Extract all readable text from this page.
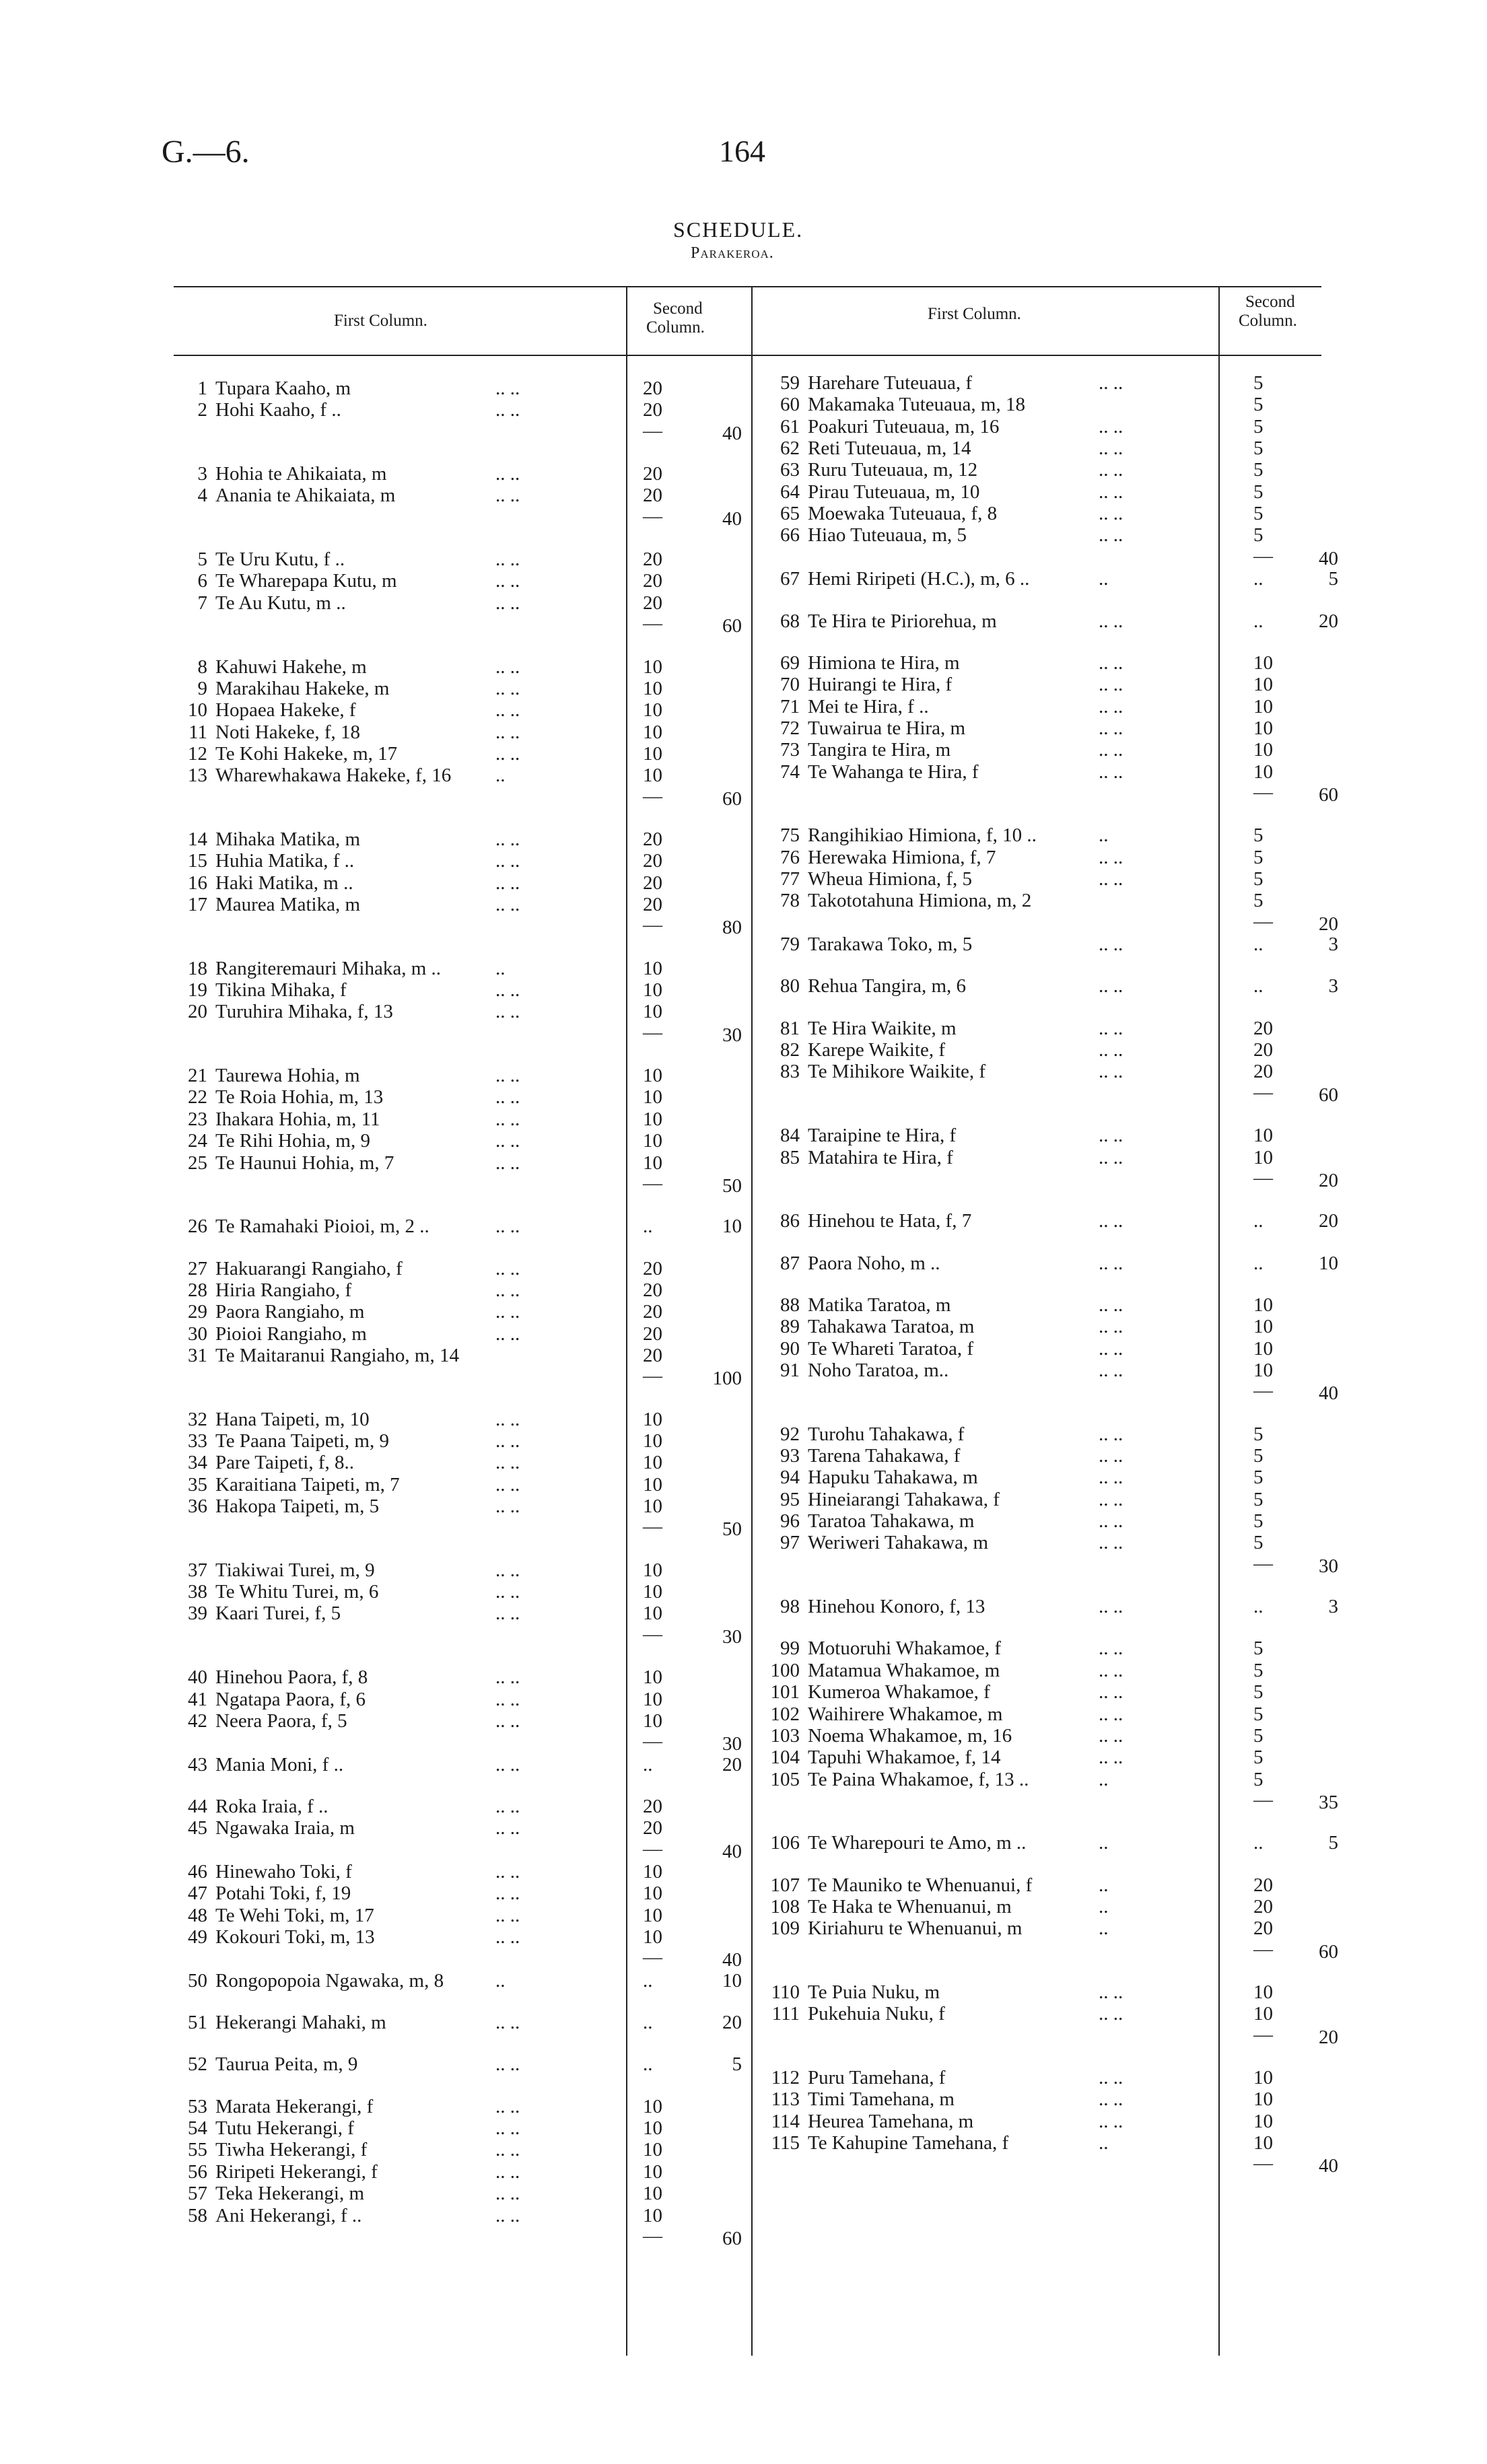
G.—6.	164
SCHEDULE.
Parakeroa.
First Column.
Second
Column.
First Column.
Second
Column.
1 Tupara Kaaho, m	.. ..	20
2 Hohi Kaaho, f ..	.. ..	20
—	40
3 Hohia te Ahikaiata, m	.. ..	20
4 Anania te Ahikaiata, m	.. ..	20
—	40
5 Te Uru Kutu, f ..	.. ..	20
6 Te Wharepapa Kutu, m	.. ..	20
7 Te Au Kutu, m ..	.. ..	20
—	60
8 Kahuwi Hakehe, m	.. ..	10
9 Marakihau Hakeke, m	.. ..	10
10 Hopaea Hakeke, f	.. ..	10
11 Noti Hakeke, f, 18	.. ..	10
12 Te Kohi Hakeke, m, 17	.. ..	10
13 Wharewhakawa Hakeke, f, 16 ..	10
—	60
14 Mihaka Matika, m	.. ..	20
15 Huhia Matika, f ..	.. ..	20
16 Haki Matika, m ..	.. ..	20
17 Maurea Matika, m	.. ..	20
—	80
18 Rangiteremauri Mihaka, m ..	..	10
19 Tikina Mihaka, f	.. ..	10
20 Turuhira Mihaka, f, 13	.. ..	10
—	30
21 Taurewa Hohia, m	.. ..	10
22 Te Roia Hohia, m, 13	.. ..	10
23 Ihakara Hohia, m, 11	.. ..	10
24 Te Rihi Hohia, m, 9	.. ..	10
25 Te Haunui Hohia, m, 7	.. ..	10
—	50
26 Te Ramahaki Pioioi, m, 2 ..	.. ..	..	10
27 Hakuarangi Rangiaho, f	.. ..	20
28 Hiria Rangiaho, f	.. ..	20
29 Paora Rangiaho, m	.. ..	20
30 Pioioi Rangiaho, m	.. ..	20
31 Te Maitaranui Rangiaho, m, 14	20
—	100
32 Hana Taipeti, m, 10	.. ..	10
33 Te Paana Taipeti, m, 9	.. ..	10
34 Pare Taipeti, f, 8..	.. ..	10
35 Karaitiana Taipeti, m, 7	.. ..	10
36 Hakopa Taipeti, m, 5	.. ..	10
—	50
37 Tiakiwai Turei, m, 9	.. ..	10
38 Te Whitu Turei, m, 6	.. ..	10
39 Kaari Turei, f, 5	.. ..	10
—	30
40 Hinehou Paora, f, 8	.. ..	10
41 Ngatapa Paora, f, 6	.. ..	10
42 Neera Paora, f, 5	.. ..	10
—	30
43 Mania Moni, f ..	.. ..	..	20
44 Roka Iraia, f ..	.. ..	20
45 Ngawaka Iraia, m	.. ..	20
—	40
46 Hinewaho Toki, f	.. ..	10
47 Potahi Toki, f, 19	.. ..	10
48 Te Wehi Toki, m, 17	.. ..	10
49 Kokouri Toki, m, 13	.. ..	10
—	40
50 Rongopopoia Ngawaka, m, 8	..	..	10
51 Hekerangi Mahaki, m	.. ..	..	20
52 Taurua Peita, m, 9	.. ..	..	5
53 Marata Hekerangi, f	.. ..	10
54 Tutu Hekerangi, f	.. ..	10
55 Tiwha Hekerangi, f	.. ..	10
56 Riripeti Hekerangi, f	.. ..	10
57 Teka Hekerangi, m	.. ..	10
58 Ani Hekerangi, f ..	.. ..	10
—	60
59 Harehare Tuteuaua, f	.. ..	5
60 Makamaka Tuteuaua, m, 18	5
61 Poakuri Tuteuaua, m, 16	.. ..	5
62 Reti Tuteuaua, m, 14	.. ..	5
63 Ruru Tuteuaua, m, 12	.. ..	5
64 Pirau Tuteuaua, m, 10	.. ..	5
65 Moewaka Tuteuaua, f, 8	.. ..	5
66 Hiao Tuteuaua, m, 5	.. ..	5
— 40
67 Hemi Riripeti (H.C.), m, 6 ..	..	..	5
68 Te Hira te Piriorehua, m	.. ..	..	20
69 Himiona te Hira, m	.. ..	10
70 Huirangi te Hira, f	.. ..	10
71 Mei te Hira, f ..	.. ..	10
72 Tuwairua te Hira, m	.. ..	10
73 Tangira te Hira, m	.. ..	10
74 Te Wahanga te Hira, f	.. ..	10
— 60
75 Rangihikiao Himiona, f, 10 ..	..	5
76 Herewaka Himiona, f, 7	.. ..	5
77 Wheua Himiona, f, 5	.. ..	5
78 Takototahuna Himiona, m, 2	5
— 20
79 Tarakawa Toko, m, 5	.. ..	..	3
80 Rehua Tangira, m, 6	.. ..	..	3
81 Te Hira Waikite, m	.. ..	20
82 Karepe Waikite, f	.. ..	20
83 Te Mihikore Waikite, f	.. ..	20
— 60
84 Taraipine te Hira, f	.. ..	10
85 Matahira te Hira, f	.. ..	10
— 20
86 Hinehou te Hata, f, 7	.. ..	..	20
87 Paora Noho, m ..	.. ..	..	10
88 Matika Taratoa, m	.. ..	10
89 Tahakawa Taratoa, m	.. ..	10
90 Te Whareti Taratoa, f	.. ..	10
91 Noho Taratoa, m..	.. ..	10
— 40
92 Turohu Tahakawa, f	.. ..	5
93 Tarena Tahakawa, f	.. ..	5
94 Hapuku Tahakawa, m	.. ..	5
95 Hineiarangi Tahakawa, f	.. ..	5
96 Taratoa Tahakawa, m	.. ..	5
97 Weriweri Tahakawa, m	.. ..	5
— 30
98 Hinehou Konoro, f, 13	.. ..	..	3
99 Motuoruhi Whakamoe, f	.. ..	5
100 Matamua Whakamoe, m	.. ..	5
101 Kumeroa Whakamoe, f	.. ..	5
102 Waihirere Whakamoe, m	.. ..	5
103 Noema Whakamoe, m, 16	.. ..	5
104 Tapuhi Whakamoe, f, 14	.. ..	5
105 Te Paina Whakamoe, f, 13 ..	..	5
— 35
106 Te Wharepouri te Amo, m ..	..	..	5
107 Te Mauniko te Whenuanui, f	..	20
108 Te Haka te Whenuanui, m	..	20
109 Kiriahuru te Whenuanui, m	..	20
— 60
110 Te Puia Nuku, m	.. ..	10
111 Pukehuia Nuku, f	.. ..	10
— 20
112 Puru Tamehana, f	.. ..	10
113 Timi Tamehana, m	.. ..	10
114 Heurea Tamehana, m	.. ..	10
115 Te Kahupine Tamehana, f	..	10
— 40
